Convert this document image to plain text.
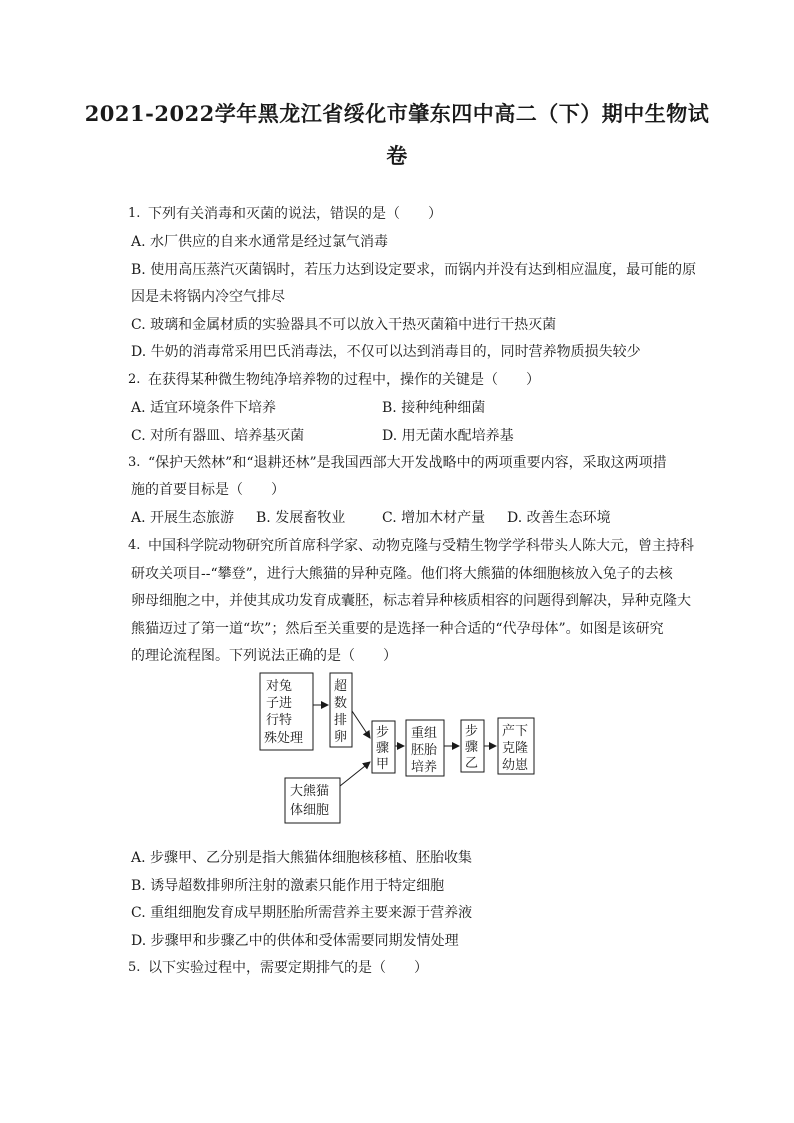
2021-2022学年黑龙江省绥化市肇东四中高二（下）期中生物试
卷
1. 下列有关消毒和灭菌的说法，错误的是（　　）
A. 水厂供应的自来水通常是经过氯气消毒
B. 使用高压蒸汽灭菌锅时，若压力达到设定要求，而锅内并没有达到相应温度，最可能的原
因是未将锅内冷空气排尽
C. 玻璃和金属材质的实验器具不可以放入干热灭菌箱中进行干热灭菌
D. 牛奶的消毒常采用巴氏消毒法，不仅可以达到消毒目的，同时营养物质损失较少
2. 在获得某种微生物纯净培养物的过程中，操作的关键是（　　）
A. 适宜环境条件下培养	B. 接种纯种细菌
C. 对所有器皿、培养基灭菌	D. 用无菌水配培养基
3. “保护天然林”和“退耕还林”是我国西部大开发战略中的两项重要内容，采取这两项措
施的首要目标是（　　）
A. 开展生态旅游 B. 发展畜牧业	C. 增加木材产量 D. 改善生态环境
4. 中国科学院动物研究所首席科学家、动物克隆与受精生物学学科带头人陈大元，曾主持科
研攻关项目--“攀登”，进行大熊猫的异种克隆。他们将大熊猫的体细胞核放入兔子的去核
卵母细胞之中，并使其成功发育成囊胚，标志着异种核质相容的问题得到解决，异种克隆大
熊猫迈过了第一道“坎”；然后至关重要的是选择一种合适的“代孕母体”。如图是该研究
的理论流程图。下列说法正确的是（　　）
对兔
子进
行特
殊处理
超
数
排
卵
大熊猫
体细胞
步
骤
甲
重组
胚胎
培养
步
骤
乙
产下
克隆
幼崽
A. 步骤甲、乙分别是指大熊猫体细胞核移植、胚胎收集
B. 诱导超数排卵所注射的激素只能作用于特定细胞
C. 重组细胞发育成早期胚胎所需营养主要来源于营养液
D. 步骤甲和步骤乙中的供体和受体需要同期发情处理
5. 以下实验过程中，需要定期排气的是（　　）
